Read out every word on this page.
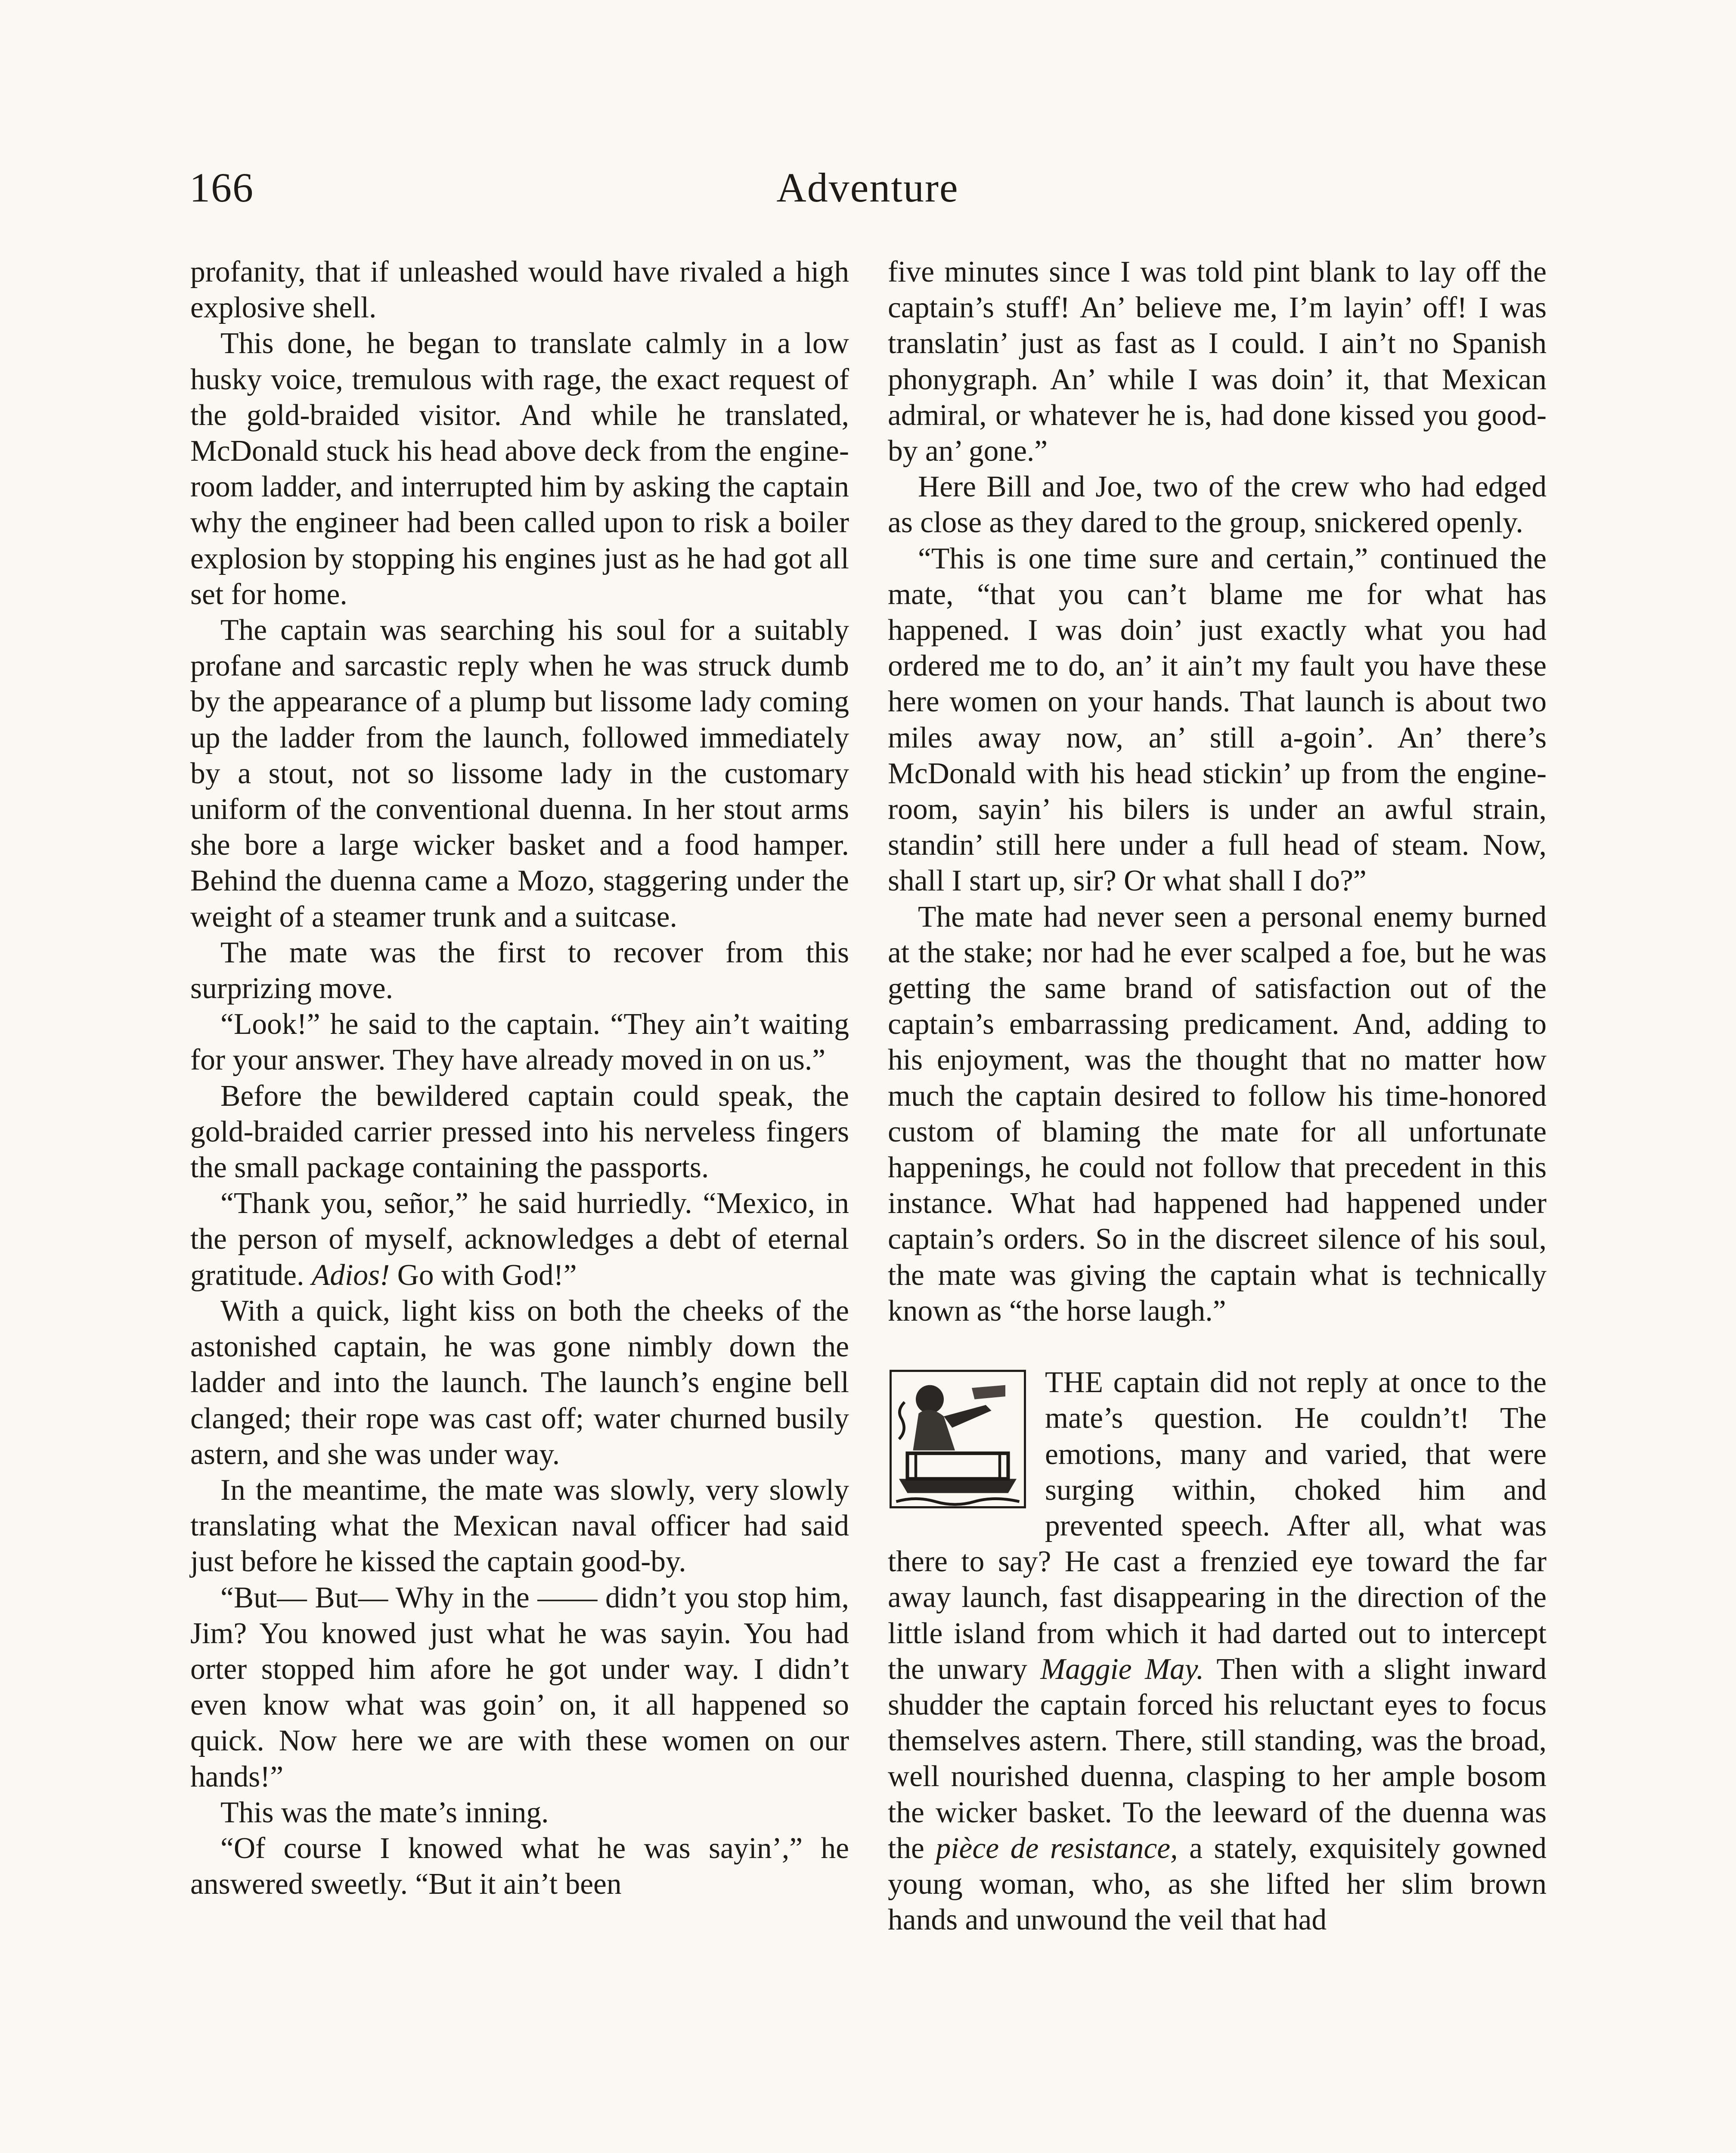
166	Adventure

profanity, that if unleashed would have rivaled a high explosive shell.

This done, he began to translate calmly in a low husky voice, tremulous with rage, the exact request of the gold-braided visitor. And while he translated, McDonald stuck his head above deck from the engine-room ladder, and interrupted him by asking the captain why the engineer had been called upon to risk a boiler explosion by stopping his engines just as he had got all set for home.

The captain was searching his soul for a suitably profane and sarcastic reply when he was struck dumb by the appearance of a plump but lissome lady coming up the ladder from the launch, followed immediately by a stout, not so lissome lady in the customary uniform of the conventional duenna. In her stout arms she bore a large wicker basket and a food hamper. Behind the duenna came a Mozo, staggering under the weight of a steamer trunk and a suitcase.

The mate was the first to recover from this surprizing move.

“Look!” he said to the captain. “They ain’t waiting for your answer. They have already moved in on us.”

Before the bewildered captain could speak, the gold-braided carrier pressed into his nerveless fingers the small package containing the passports.

“Thank you, señor,” he said hurriedly. “Mexico, in the person of myself, acknowledges a debt of eternal gratitude. Adios! Go with God!”

With a quick, light kiss on both the cheeks of the astonished captain, he was gone nimbly down the ladder and into the launch. The launch’s engine bell clanged; their rope was cast off; water churned busily astern, and she was under way.

In the meantime, the mate was slowly, very slowly translating what the Mexican naval officer had said just before he kissed the captain good-by.

“But— But— Why in the —— didn’t you stop him, Jim? You knowed just what he was sayin. You had orter stopped him afore he got under way. I didn’t even know what was goin’ on, it all happened so quick. Now here we are with these women on our hands!”

This was the mate’s inning.

“Of course I knowed what he was sayin’,” he answered sweetly. “But it ain’t been

five minutes since I was told pint blank to lay off the captain’s stuff! An’ believe me, I’m layin’ off! I was translatin’ just as fast as I could. I ain’t no Spanish phonygraph. An’ while I was doin’ it, that Mexican admiral, or whatever he is, had done kissed you good-by an’ gone.”

Here Bill and Joe, two of the crew who had edged as close as they dared to the group, snickered openly.

“This is one time sure and certain,” continued the mate, “that you can’t blame me for what has happened. I was doin’ just exactly what you had ordered me to do, an’ it ain’t my fault you have these here women on your hands. That launch is about two miles away now, an’ still a-goin’. An’ there’s McDonald with his head stickin’ up from the engine-room, sayin’ his bilers is under an awful strain, standin’ still here under a full head of steam. Now, shall I start up, sir? Or what shall I do?”

The mate had never seen a personal enemy burned at the stake; nor had he ever scalped a foe, but he was getting the same brand of satisfaction out of the captain’s embarrassing predicament. And, adding to his enjoyment, was the thought that no matter how much the captain desired to follow his time-honored custom of blaming the mate for all unfortunate happenings, he could not follow that precedent in this instance. What had happened had happened under captain’s orders. So in the discreet silence of his soul, the mate was giving the captain what is technically known as “the horse laugh.”

THE captain did not reply at once to the mate’s question. He couldn’t! The emotions, many and varied, that were surging within, choked him and prevented speech. After all, what was there to say? He cast a frenzied eye toward the far away launch, fast disappearing in the direction of the little island from which it had darted out to intercept the unwary Maggie May. Then with a slight inward shudder the captain forced his reluctant eyes to focus themselves astern. There, still standing, was the broad, well nourished duenna, clasping to her ample bosom the wicker basket. To the leeward of the duenna was the pièce de resistance, a stately, exquisitely gowned young woman, who, as she lifted her slim brown hands and unwound the veil that had
